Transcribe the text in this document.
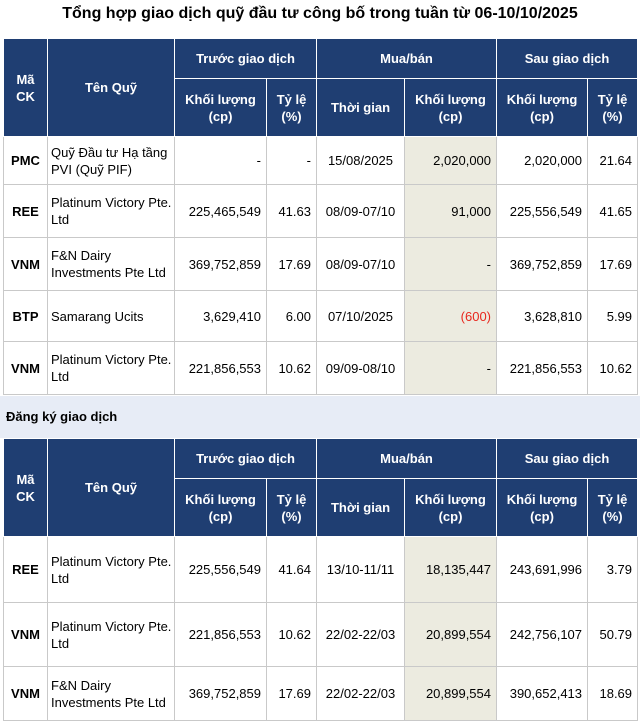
Tổng hợp giao dịch quỹ đầu tư công bố trong tuần từ 06-10/10/2025
Mã CK	Tên Quỹ	Trước giao dịch		Mua/bán		Sau giao dịch	
		Khối lượng (cp)	Tỷ lệ (%)	Thời gian	Khối lượng (cp)	Khối lượng (cp)	Tỷ lệ (%)
PMC	Quỹ Đầu tư Hạ tầng PVI (Quỹ PIF)	-	-	15/08/2025	2,020,000	2,020,000	21.64
REE	Platinum Victory Pte. Ltd	225,465,549	41.63	08/09-07/10	91,000	225,556,549	41.65
VNM	F&N Dairy Investments Pte Ltd	369,752,859	17.69	08/09-07/10	-	369,752,859	17.69
BTP	Samarang Ucits	3,629,410	6.00	07/10/2025	(600)	3,628,810	5.99
VNM	Platinum Victory Pte. Ltd	221,856,553	10.62	09/09-08/10	-	221,856,553	10.62
Đăng ký giao dịch
Mã CK	Tên Quỹ	Trước giao dịch		Mua/bán		Sau giao dịch	
		Khối lượng (cp)	Tỷ lệ (%)	Thời gian	Khối lượng (cp)	Khối lượng (cp)	Tỷ lệ (%)
REE	Platinum Victory Pte. Ltd	225,556,549	41.64	13/10-11/11	18,135,447	243,691,996	3.79
VNM	Platinum Victory Pte. Ltd	221,856,553	10.62	22/02-22/03	20,899,554	242,756,107	50.79
VNM	F&N Dairy Investments Pte Ltd	369,752,859	17.69	22/02-22/03	20,899,554	390,652,413	18.69
